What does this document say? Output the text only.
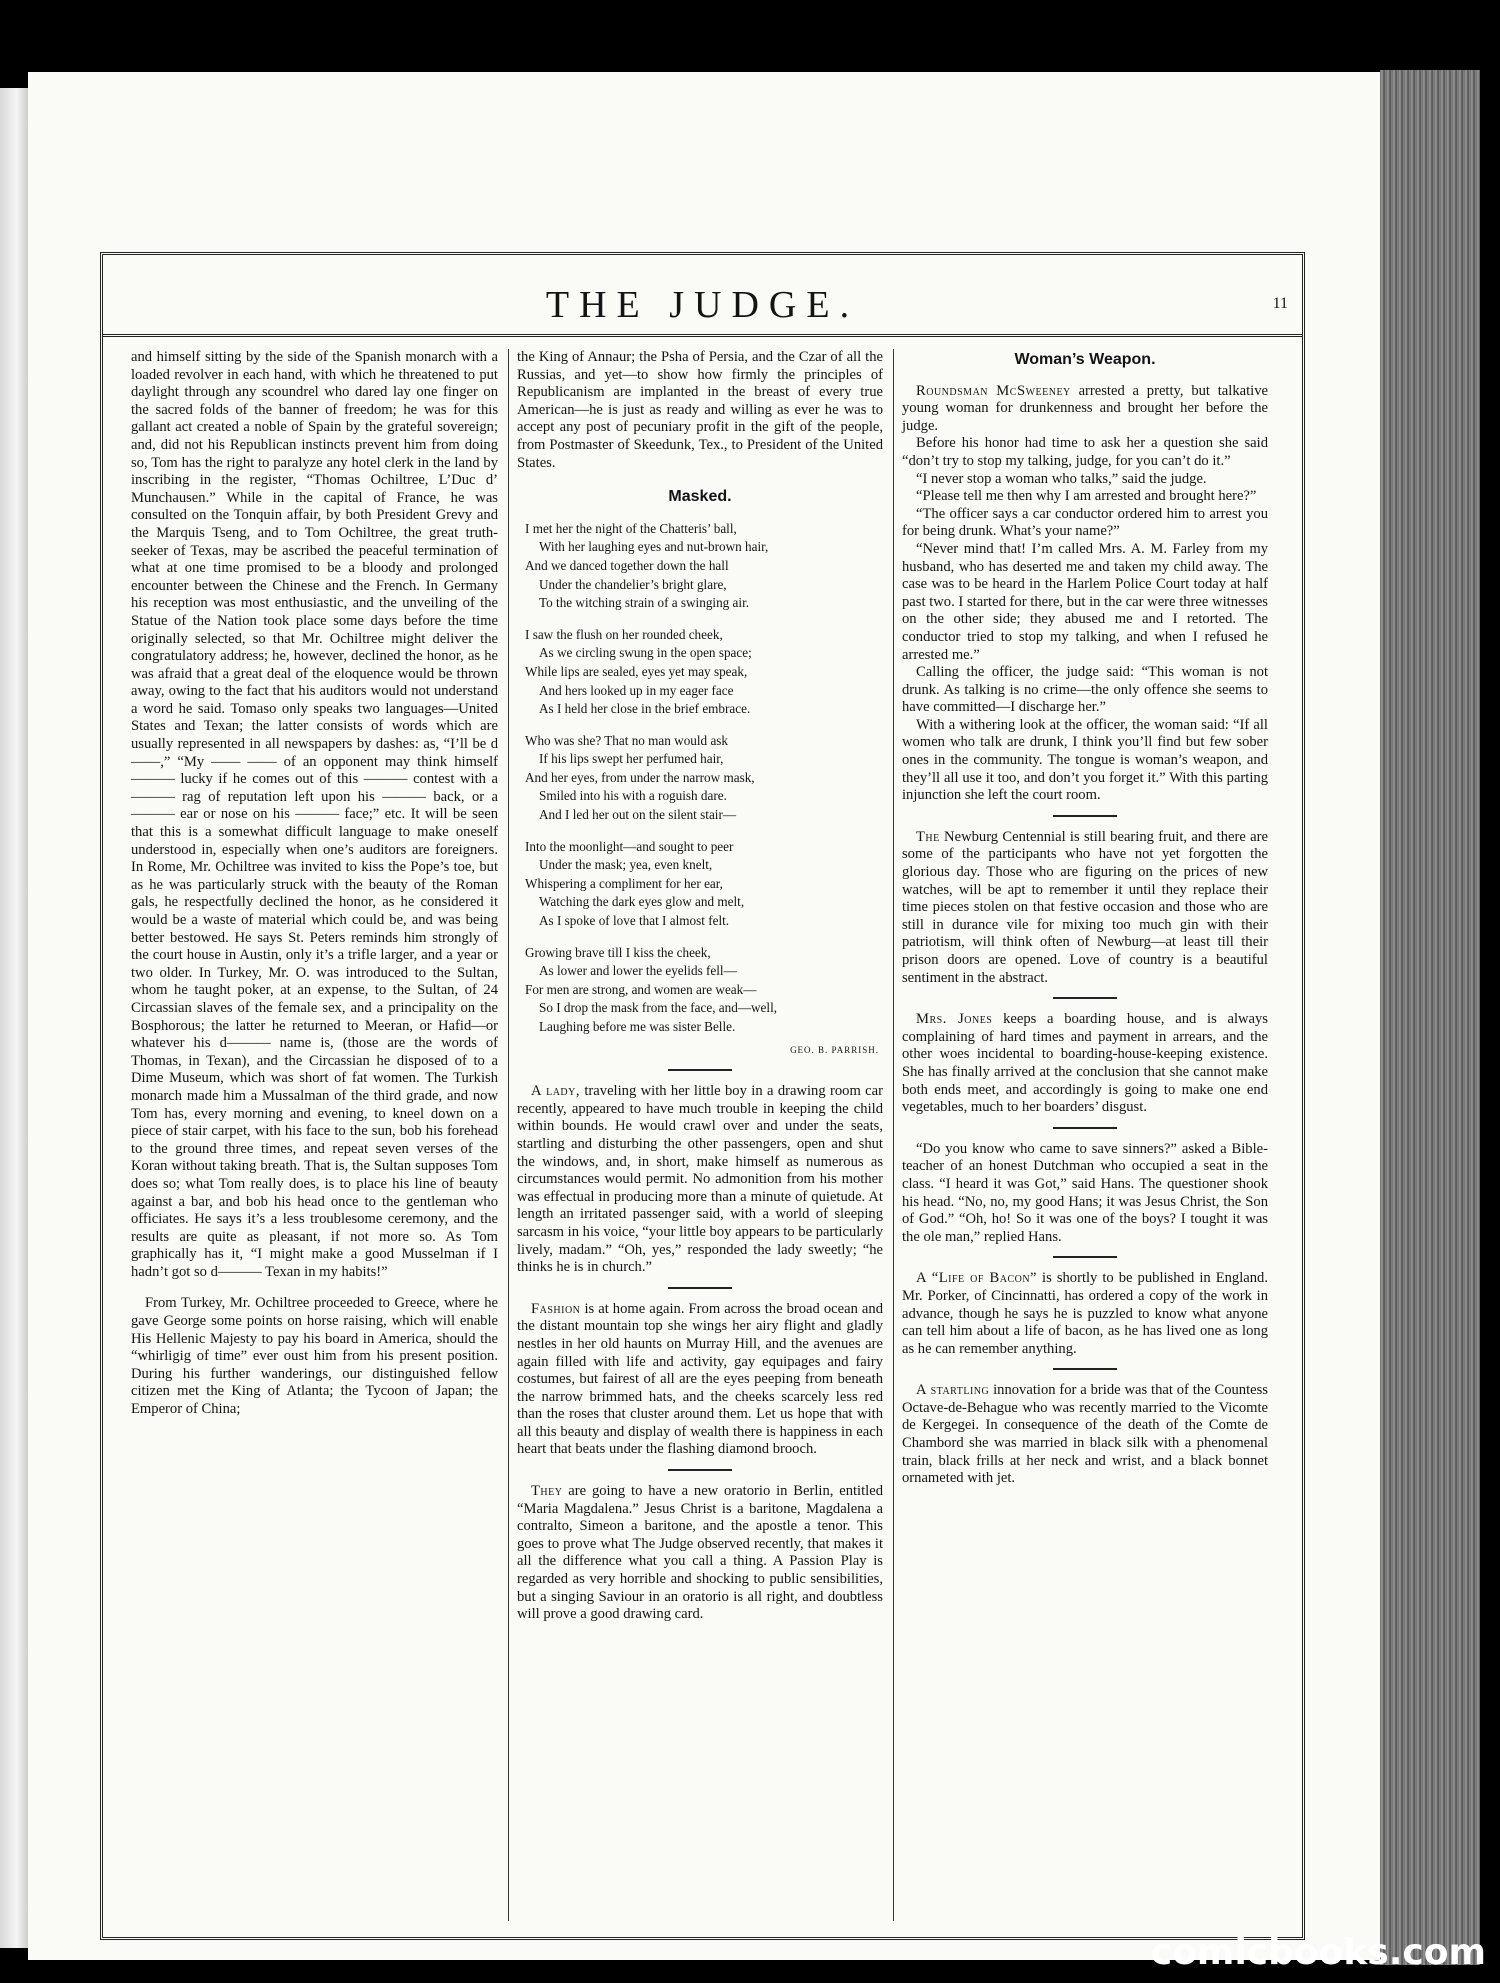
THE JUDGE.	11

and himself sitting by the side of the Spanish monarch with a loaded revolver in each hand, with which he threatened to put daylight through any scoundrel who dared lay one finger on the sacred folds of the banner of freedom; he was for this gallant act created a noble of Spain by the grateful sovereign; and, did not his Republican instincts prevent him from doing so, Tom has the right to paralyze any hotel clerk in the land by inscribing in the register, “Thomas Ochiltree, L’Duc d’ Munchausen.” While in the capital of France, he was consulted on the Tonquin affair, by both President Grevy and the Marquis Tseng, and to Tom Ochiltree, the great truth-seeker of Texas, may be ascribed the peaceful termination of what at one time promised to be a bloody and prolonged encounter between the Chinese and the French. In Germany his reception was most enthusiastic, and the unveiling of the Statue of the Nation took place some days before the time originally selected, so that Mr. Ochiltree might deliver the congratulatory address; he, however, declined the honor, as he was afraid that a great deal of the eloquence would be thrown away, owing to the fact that his auditors would not understand a word he said. Tomaso only speaks two languages—United States and Texan; the latter consists of words which are usually represented in all newspapers by dashes: as, “I’ll be d——,” “My —— —— of an opponent may think himself ——— lucky if he comes out of this ——— contest with a ——— rag of reputation left upon his ——— back, or a ——— ear or nose on his ——— face;” etc. It will be seen that this is a somewhat difficult language to make oneself understood in, especially when one’s auditors are foreigners. In Rome, Mr. Ochiltree was invited to kiss the Pope’s toe, but as he was particularly struck with the beauty of the Roman gals, he respectfully declined the honor, as he considered it would be a waste of material which could be, and was being better bestowed. He says St. Peters reminds him strongly of the court house in Austin, only it’s a trifle larger, and a year or two older. In Turkey, Mr. O. was introduced to the Sultan, whom he taught poker, at an expense, to the Sultan, of 24 Circassian slaves of the female sex, and a principality on the Bosphorous; the latter he returned to Meeran, or Hafid—or whatever his d——— name is, (those are the words of Thomas, in Texan), and the Circassian he disposed of to a Dime Museum, which was short of fat women. The Turkish monarch made him a Mussalman of the third grade, and now Tom has, every morning and evening, to kneel down on a piece of stair carpet, with his face to the sun, bob his forehead to the ground three times, and repeat seven verses of the Koran without taking breath. That is, the Sultan supposes Tom does so; what Tom really does, is to place his line of beauty against a bar, and bob his head once to the gentleman who officiates. He says it’s a less troublesome ceremony, and the results are quite as pleasant, if not more so. As Tom graphically has it, “I might make a good Musselman if I hadn’t got so d——— Texan in my habits!”

From Turkey, Mr. Ochiltree proceeded to Greece, where he gave George some points on horse raising, which will enable His Hellenic Majesty to pay his board in America, should the “whirligig of time” ever oust him from his present position. During his further wanderings, our distinguished fellow citizen met the King of Atlanta; the Tycoon of Japan; the Emperor of China;

the King of Annaur; the Psha of Persia, and the Czar of all the Russias, and yet—to show how firmly the principles of Republicanism are implanted in the breast of every true American—he is just as ready and willing as ever he was to accept any post of pecuniary profit in the gift of the people, from Postmaster of Skeedunk, Tex., to President of the United States.

Masked.
I met her the night of the Chatteris’ ball,
With her laughing eyes and nut-brown hair,
And we danced together down the hall
Under the chandelier’s bright glare,
To the witching strain of a swinging air.
I saw the flush on her rounded cheek,
As we circling swung in the open space;
While lips are sealed, eyes yet may speak,
And hers looked up in my eager face
As I held her close in the brief embrace.
Who was she? That no man would ask
If his lips swept her perfumed hair,
And her eyes, from under the narrow mask,
Smiled into his with a roguish dare.
And I led her out on the silent stair—
Into the moonlight—and sought to peer
Under the mask; yea, even knelt,
Whispering a compliment for her ear,
Watching the dark eyes glow and melt,
As I spoke of love that I almost felt.
Growing brave till I kiss the cheek,
As lower and lower the eyelids fell—
For men are strong, and women are weak—
So I drop the mask from the face, and—well,
Laughing before me was sister Belle.
GEO. B. PARRISH.

A lady, traveling with her little boy in a drawing room car recently, appeared to have much trouble in keeping the child within bounds. He would crawl over and under the seats, startling and disturbing the other passengers, open and shut the windows, and, in short, make himself as numerous as circumstances would permit. No admonition from his mother was effectual in producing more than a minute of quietude. At length an irritated passenger said, with a world of sleeping sarcasm in his voice, “your little boy appears to be particularly lively, madam.” “Oh, yes,” responded the lady sweetly; “he thinks he is in church.”

Fashion is at home again. From across the broad ocean and the distant mountain top she wings her airy flight and gladly nestles in her old haunts on Murray Hill, and the avenues are again filled with life and activity, gay equipages and fairy costumes, but fairest of all are the eyes peeping from beneath the narrow brimmed hats, and the cheeks scarcely less red than the roses that cluster around them. Let us hope that with all this beauty and display of wealth there is happiness in each heart that beats under the flashing diamond brooch.

They are going to have a new oratorio in Berlin, entitled “Maria Magdalena.” Jesus Christ is a baritone, Magdalena a contralto, Simeon a baritone, and the apostle a tenor. This goes to prove what The Judge observed recently, that makes it all the difference what you call a thing. A Passion Play is regarded as very horrible and shocking to public sensibilities, but a singing Saviour in an oratorio is all right, and doubtless will prove a good drawing card.

Woman’s Weapon.

Roundsman McSweeney arrested a pretty, but talkative young woman for drunkenness and brought her before the judge.

Before his honor had time to ask her a question she said “don’t try to stop my talking, judge, for you can’t do it.”

“I never stop a woman who talks,” said the judge.

“Please tell me then why I am arrested and brought here?”

“The officer says a car conductor ordered him to arrest you for being drunk. What’s your name?”

“Never mind that! I’m called Mrs. A. M. Farley from my husband, who has deserted me and taken my child away. The case was to be heard in the Harlem Police Court today at half past two. I started for there, but in the car were three witnesses on the other side; they abused me and I retorted. The conductor tried to stop my talking, and when I refused he arrested me.”

Calling the officer, the judge said: “This woman is not drunk. As talking is no crime—the only offence she seems to have committed—I discharge her.”

With a withering look at the officer, the woman said: “If all women who talk are drunk, I think you’ll find but few sober ones in the community. The tongue is woman’s weapon, and they’ll all use it too, and don’t you forget it.” With this parting injunction she left the court room.

The Newburg Centennial is still bearing fruit, and there are some of the participants who have not yet forgotten the glorious day. Those who are figuring on the prices of new watches, will be apt to remember it until they replace their time pieces stolen on that festive occasion and those who are still in durance vile for mixing too much gin with their patriotism, will think often of Newburg—at least till their prison doors are opened. Love of country is a beautiful sentiment in the abstract.

Mrs. Jones keeps a boarding house, and is always complaining of hard times and payment in arrears, and the other woes incidental to boarding-house-keeping existence. She has finally arrived at the conclusion that she cannot make both ends meet, and accordingly is going to make one end vegetables, much to her boarders’ disgust.

“Do you know who came to save sinners?” asked a Bible-teacher of an honest Dutchman who occupied a seat in the class. “I heard it was Got,” said Hans. The questioner shook his head. “No, no, my good Hans; it was Jesus Christ, the Son of God.” “Oh, ho! So it was one of the boys? I tought it was the ole man,” replied Hans.

A “Life of Bacon” is shortly to be published in England. Mr. Porker, of Cincinnatti, has ordered a copy of the work in advance, though he says he is puzzled to know what anyone can tell him about a life of bacon, as he has lived one as long as he can remember anything.

A startling innovation for a bride was that of the Countess Octave-de-Behague who was recently married to the Vicomte de Kergegei. In consequence of the death of the Comte de Chambord she was married in black silk with a phenomenal train, black frills at her neck and wrist, and a black bonnet ornameted with jet.

comicbooks.com
